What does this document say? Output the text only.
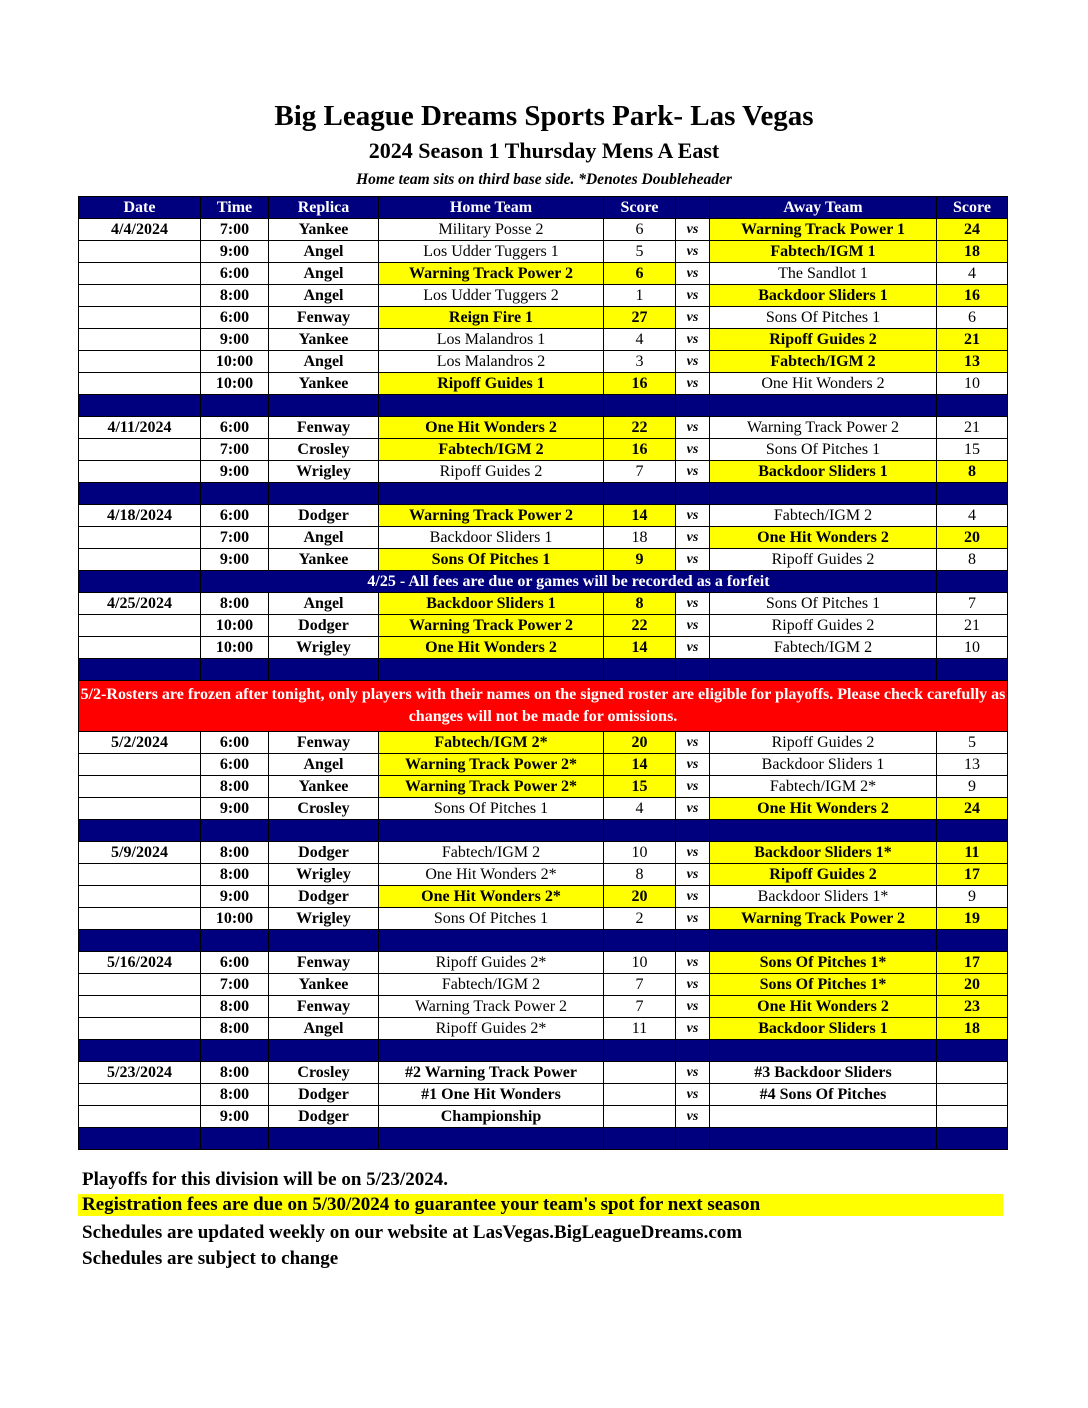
Big League Dreams Sports Park- Las Vegas
2024 Season 1 Thursday Mens A East
Home team sits on third base side. *Denotes Doubleheader
Date	Time	Replica	Home Team	Score		Away Team	Score
4/4/2024	7:00	Yankee	Military Posse 2	6	vs	Warning Track Power 1	24
	9:00	Angel	Los Udder Tuggers 1	5	vs	Fabtech/IGM 1	18
	6:00	Angel	Warning Track Power 2	6	vs	The Sandlot 1	4
	8:00	Angel	Los Udder Tuggers 2	1	vs	Backdoor Sliders 1	16
	6:00	Fenway	Reign Fire 1	27	vs	Sons Of Pitches 1	6
	9:00	Yankee	Los Malandros 1	4	vs	Ripoff Guides 2	21
	10:00	Angel	Los Malandros 2	3	vs	Fabtech/IGM 2	13
	10:00	Yankee	Ripoff Guides 1	16	vs	One Hit Wonders 2	10

4/11/2024	6:00	Fenway	One Hit Wonders 2	22	vs	Warning Track Power 2	21
	7:00	Crosley	Fabtech/IGM 2	16	vs	Sons Of Pitches 1	15
	9:00	Wrigley	Ripoff Guides 2	7	vs	Backdoor Sliders 1	8

4/18/2024	6:00	Dodger	Warning Track Power 2	14	vs	Fabtech/IGM 2	4
	7:00	Angel	Backdoor Sliders 1	18	vs	One Hit Wonders 2	20
	9:00	Yankee	Sons Of Pitches 1	9	vs	Ripoff Guides 2	8
	4/25 - All fees are due or games will be recorded as a forfeit						
4/25/2024	8:00	Angel	Backdoor Sliders 1	8	vs	Sons Of Pitches 1	7
	10:00	Dodger	Warning Track Power 2	22	vs	Ripoff Guides 2	21
	10:00	Wrigley	One Hit Wonders 2	14	vs	Fabtech/IGM 2	10

5/2-Rosters are frozen after tonight, only players with their names on the signed roster are eligible for playoffs. Please check carefully as changes will not be made for omissions.							
5/2/2024	6:00	Fenway	Fabtech/IGM 2*	20	vs	Ripoff Guides 2	5
	6:00	Angel	Warning Track Power 2*	14	vs	Backdoor Sliders 1	13
	8:00	Yankee	Warning Track Power 2*	15	vs	Fabtech/IGM 2*	9
	9:00	Crosley	Sons Of Pitches 1	4	vs	One Hit Wonders 2	24

5/9/2024	8:00	Dodger	Fabtech/IGM 2	10	vs	Backdoor Sliders 1*	11
	8:00	Wrigley	One Hit Wonders 2*	8	vs	Ripoff Guides 2	17
	9:00	Dodger	One Hit Wonders 2*	20	vs	Backdoor Sliders 1*	9
	10:00	Wrigley	Sons Of Pitches 1	2	vs	Warning Track Power 2	19

5/16/2024	6:00	Fenway	Ripoff Guides 2*	10	vs	Sons Of Pitches 1*	17
	7:00	Yankee	Fabtech/IGM 2	7	vs	Sons Of Pitches 1*	20
	8:00	Fenway	Warning Track Power 2	7	vs	One Hit Wonders 2	23
	8:00	Angel	Ripoff Guides 2*	11	vs	Backdoor Sliders 1	18

5/23/2024	8:00	Crosley	#2 Warning Track Power		vs	#3 Backdoor Sliders	
	8:00	Dodger	#1 One Hit Wonders		vs	#4 Sons Of Pitches	
	9:00	Dodger	Championship		vs		

Playoffs for this division will be on 5/23/2024.
Registration fees are due on 5/30/2024 to guarantee your team's spot for next season
Schedules are updated weekly on our website at LasVegas.BigLeagueDreams.com
Schedules are subject to change
